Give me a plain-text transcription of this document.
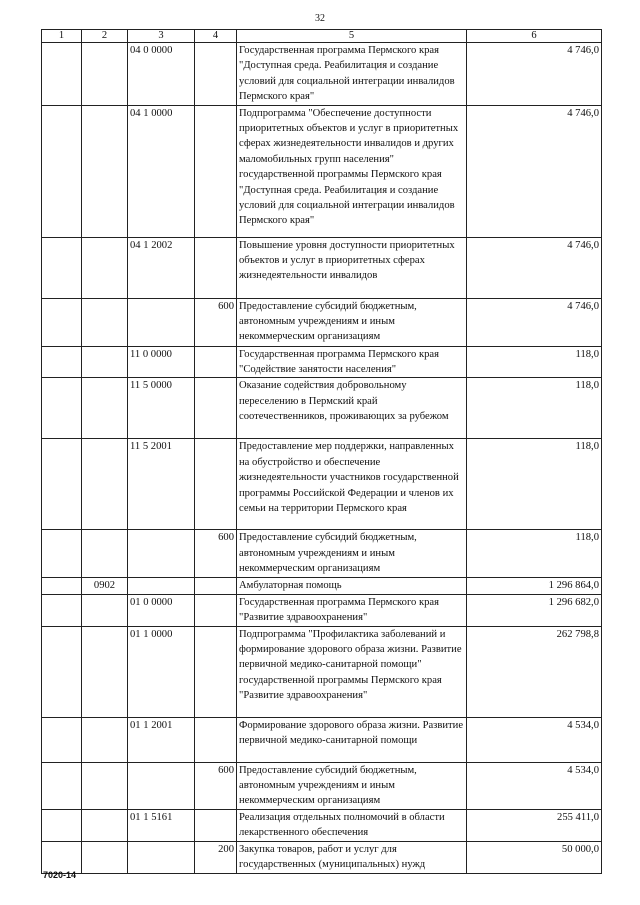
32
1	2	3	4	5	6
		04 0 0000		Государственная программа Пермского края "Доступная среда. Реабилитация и создание условий для социальной интеграции инвалидов Пермского края"	4 746,0
		04 1 0000		Подпрограмма "Обеспечение доступности приоритетных объектов и услуг в приоритетных сферах жизнедеятельности инвалидов и других маломобильных групп населения" государственной программы Пермского края "Доступная среда. Реабилитация и создание условий для социальной интеграции инвалидов Пермского края"	4 746,0
		04 1 2002		Повышение уровня доступности приоритетных объектов и услуг в приоритетных сферах жизнедеятельности инвалидов	4 746,0
			600	Предоставление субсидий бюджетным, автономным учреждениям и иным некоммерческим организациям	4 746,0
		11 0 0000		Государственная программа Пермского края "Содействие занятости населения"	118,0
		11 5 0000		Оказание содействия добровольному переселению в Пермский край соотечественников, проживающих за рубежом	118,0
		11 5 2001		Предоставление мер поддержки, направленных на обустройство и обеспечение жизнедеятельности участников государственной программы Российской Федерации и членов их семьи на территории Пермского края	118,0
			600	Предоставление субсидий бюджетным, автономным учреждениям и иным некоммерческим организациям	118,0
	0902			Амбулаторная помощь	1 296 864,0
		01 0 0000		Государственная программа Пермского края "Развитие здравоохранения"	1 296 682,0
		01 1 0000		Подпрограмма "Профилактика заболеваний и формирование здорового образа жизни. Развитие первичной медико-санитарной помощи" государственной программы Пермского края "Развитие здравоохранения"	262 798,8
		01 1 2001		Формирование здорового образа жизни. Развитие первичной медико-санитарной помощи	4 534,0
			600	Предоставление субсидий бюджетным, автономным учреждениям и иным некоммерческим организациям	4 534,0
		01 1 5161		Реализация отдельных полномочий в области лекарственного обеспечения	255 411,0
			200	Закупка товаров, работ и услуг для государственных (муниципальных) нужд	50 000,0
7020-14
